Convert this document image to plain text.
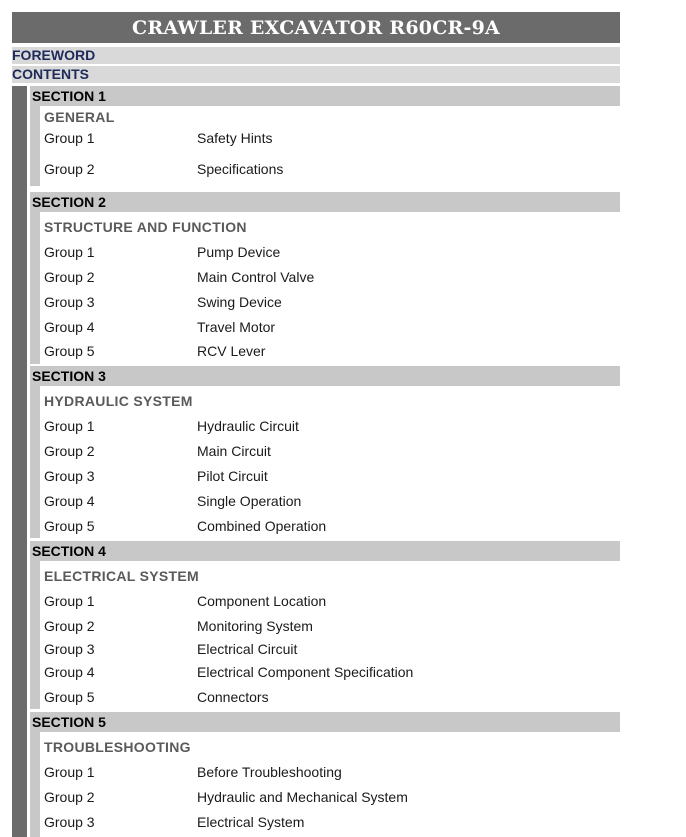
CRAWLER EXCAVATOR R60CR-9A
FOREWORD
CONTENTS
SECTION 1
GENERAL
Group 1	Safety Hints
Group 2	Specifications
SECTION 2
STRUCTURE AND FUNCTION
Group 1	Pump Device
Group 2	Main Control Valve
Group 3	Swing Device
Group 4	Travel Motor
Group 5	RCV Lever
SECTION 3
HYDRAULIC SYSTEM
Group 1	Hydraulic Circuit
Group 2	Main Circuit
Group 3	Pilot Circuit
Group 4	Single Operation
Group 5	Combined Operation
SECTION 4
ELECTRICAL SYSTEM
Group 1	Component Location
Group 2	Monitoring System
Group 3	Electrical Circuit
Group 4	Electrical Component Specification
Group 5	Connectors
SECTION 5
TROUBLESHOOTING
Group 1	Before Troubleshooting
Group 2	Hydraulic and Mechanical System
Group 3	Electrical System
